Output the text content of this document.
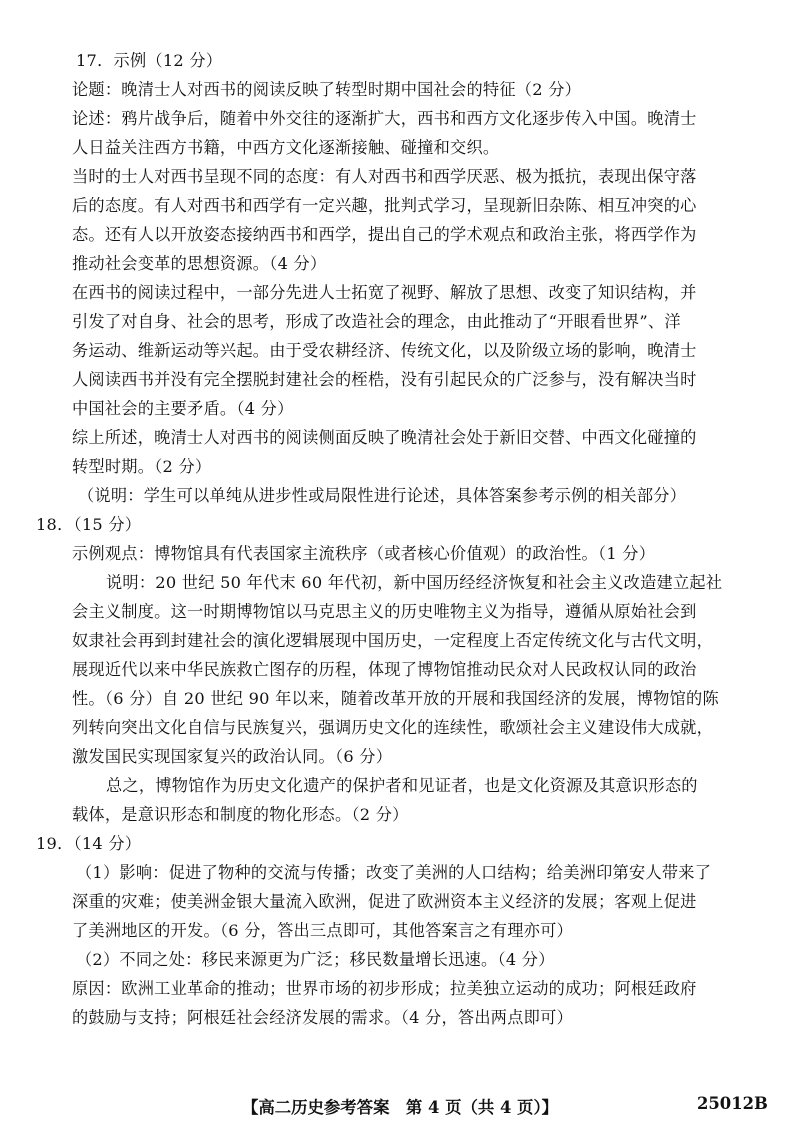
17．示例（12 分）
论题：晚清士人对西书的阅读反映了转型时期中国社会的特征（2 分）
论述：鸦片战争后，随着中外交往的逐渐扩大，西书和西方文化逐步传入中国。晚清士
人日益关注西方书籍，中西方文化逐渐接触、碰撞和交织。
当时的士人对西书呈现不同的态度：有人对西书和西学厌恶、极为抵抗，表现出保守落
后的态度。有人对西书和西学有一定兴趣，批判式学习，呈现新旧杂陈、相互冲突的心
态。还有人以开放姿态接纳西书和西学，提出自己的学术观点和政治主张，将西学作为
推动社会变革的思想资源。（4 分）
在西书的阅读过程中，一部分先进人士拓宽了视野、解放了思想、改变了知识结构，并
引发了对自身、社会的思考，形成了改造社会的理念，由此推动了“开眼看世界”、洋
务运动、维新运动等兴起。由于受农耕经济、传统文化，以及阶级立场的影响，晚清士
人阅读西书并没有完全摆脱封建社会的桎梏，没有引起民众的广泛参与，没有解决当时
中国社会的主要矛盾。（4 分）
综上所述，晚清士人对西书的阅读侧面反映了晚清社会处于新旧交替、中西文化碰撞的
转型时期。（2 分）
（说明：学生可以单纯从进步性或局限性进行论述，具体答案参考示例的相关部分）
18．（15 分）
示例观点：博物馆具有代表国家主流秩序（或者核心价值观）的政治性。（1 分）
说明：20 世纪 50 年代末 60 年代初，新中国历经经济恢复和社会主义改造建立起社
会主义制度。这一时期博物馆以马克思主义的历史唯物主义为指导，遵循从原始社会到
奴隶社会再到封建社会的演化逻辑展现中国历史，一定程度上否定传统文化与古代文明，
展现近代以来中华民族救亡图存的历程，体现了博物馆推动民众对人民政权认同的政治
性。（6 分）自 20 世纪 90 年以来，随着改革开放的开展和我国经济的发展，博物馆的陈
列转向突出文化自信与民族复兴，强调历史文化的连续性，歌颂社会主义建设伟大成就，
激发国民实现国家复兴的政治认同。（6 分）
总之，博物馆作为历史文化遗产的保护者和见证者，也是文化资源及其意识形态的
载体，是意识形态和制度的物化形态。（2 分）
19．（14 分）
（1）影响：促进了物种的交流与传播；改变了美洲的人口结构；给美洲印第安人带来了
深重的灾难；使美洲金银大量流入欧洲，促进了欧洲资本主义经济的发展；客观上促进
了美洲地区的开发。（6 分，答出三点即可，其他答案言之有理亦可）
（2）不同之处：移民来源更为广泛；移民数量增长迅速。（4 分）
原因：欧洲工业革命的推动；世界市场的初步形成；拉美独立运动的成功；阿根廷政府
的鼓励与支持；阿根廷社会经济发展的需求。（4 分，答出两点即可）
【高二历史参考答案　第 4 页（共 4 页）】	25012B
